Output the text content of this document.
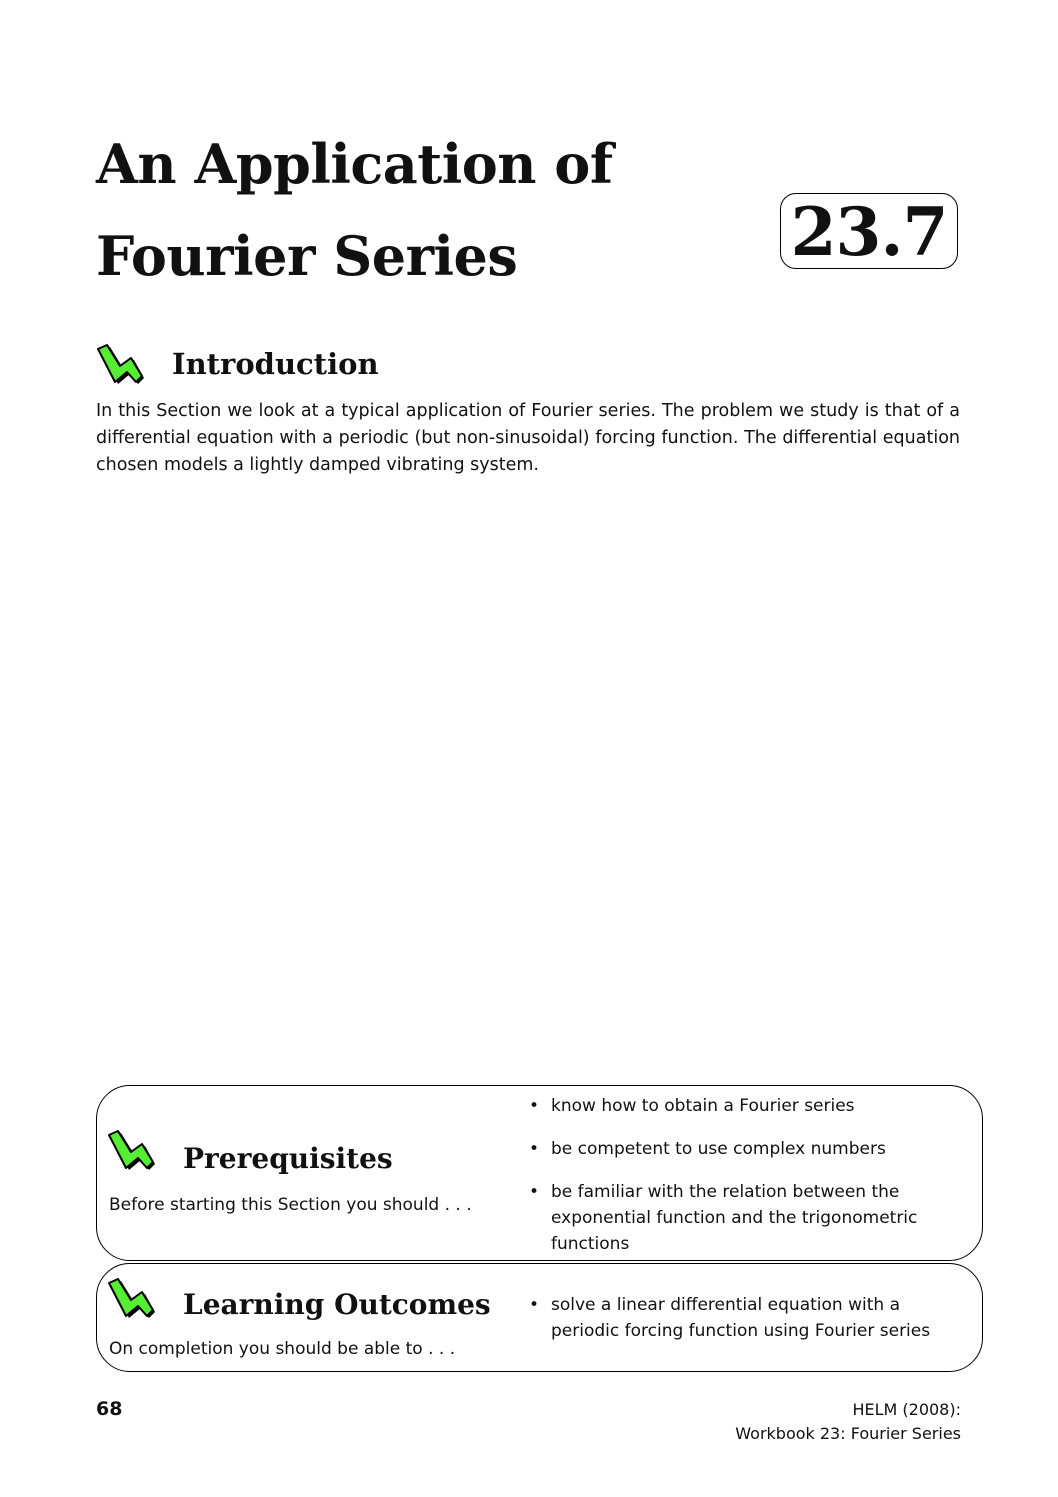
An Application of
Fourier Series	23.7
Introduction

In this Section we look at a typical application of Fourier series. The problem we study is that of a differential equation with a periodic (but non-sinusoidal) forcing function. The differential equation chosen models a lightly damped vibrating system.

Prerequisites
Before starting this Section you should . . .
• know how to obtain a Fourier series
• be competent to use complex numbers
• be familiar with the relation between the exponential function and the trigonometric functions
Learning Outcomes
On completion you should be able to . . .
• solve a linear differential equation with a periodic forcing function using Fourier series
68	HELM (2008):
Workbook 23: Fourier Series
